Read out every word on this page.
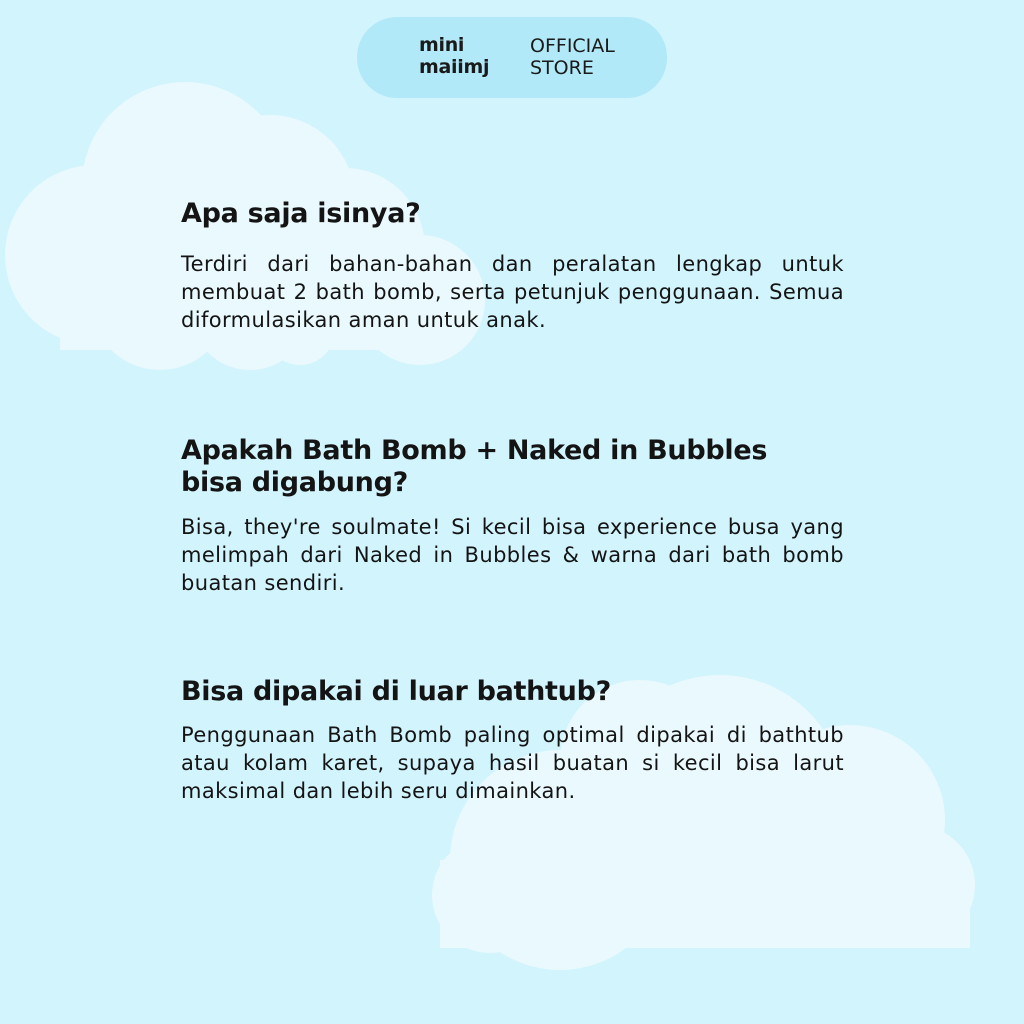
mini
maiimj
OFFICIAL
STORE
Apa saja isinya?

Terdiri dari bahan-bahan dan peralatan lengkap untuk membuat 2 bath bomb, serta petunjuk penggunaan. Semua diformulasikan aman untuk anak.

Apakah Bath Bomb + Naked in Bubbles bisa digabung?

Bisa, they're soulmate! Si kecil bisa experience busa yang melimpah dari Naked in Bubbles & warna dari bath bomb buatan sendiri.

Bisa dipakai di luar bathtub?

Penggunaan Bath Bomb paling optimal dipakai di bathtub atau kolam karet, supaya hasil buatan si kecil bisa larut maksimal dan lebih seru dimainkan.
